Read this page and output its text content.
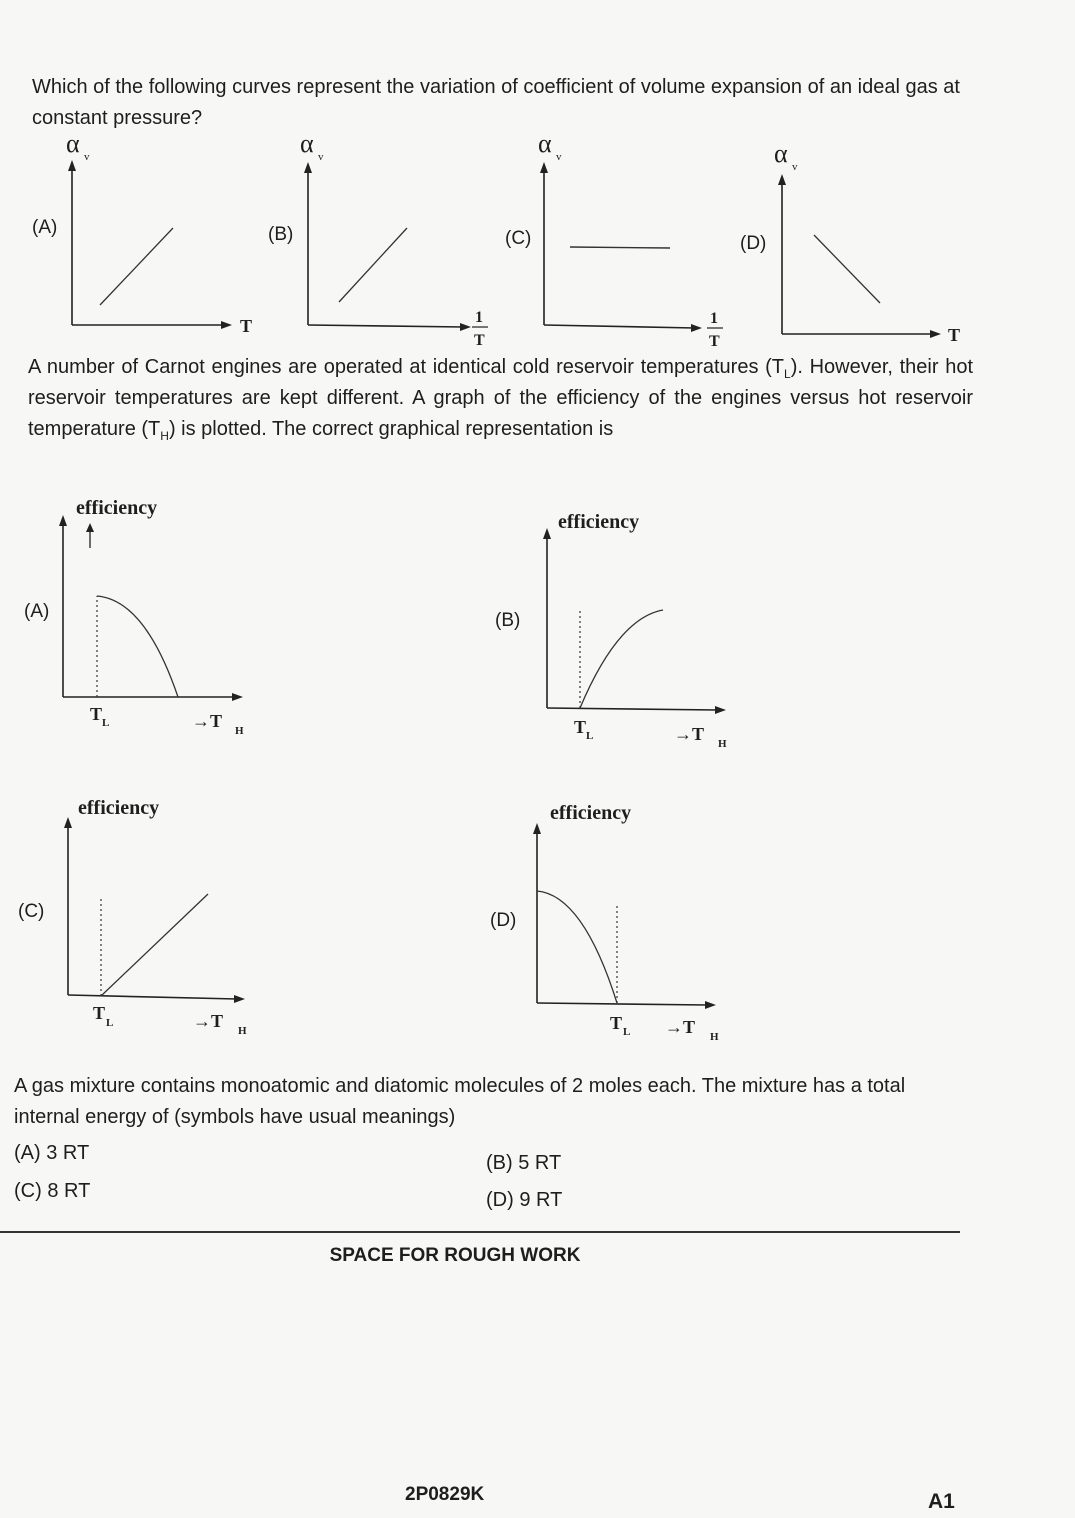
Which of the following curves represent the variation of coefficient of volume expansion of an ideal gas at constant pressure?
(A)	(B)	(C)	(D)
α v
T
α v
1
T
α v
1
T
α v
T
A number of Carnot engines are operated at identical cold reservoir temperatures $(T_L)$. However, their hot reservoir temperatures are kept different. A graph of the efficiency of the engines versus hot reservoir temperature $(T_H)$ is plotted. The correct graphical representation is
(A)	(B)
(C)	(D)
efficiency
T L	→T H
efficiency
T L	→T H
efficiency
T L	→T H
efficiency
T L →T H
A gas mixture contains monoatomic and diatomic molecules of 2 moles each. The mixture has a total internal energy of (symbols have usual meanings)
(A) 3 RT	(B) 5 RT
(C) 8 RT	(D) 9 RT
SPACE FOR ROUGH WORK
2P0829K	A1
